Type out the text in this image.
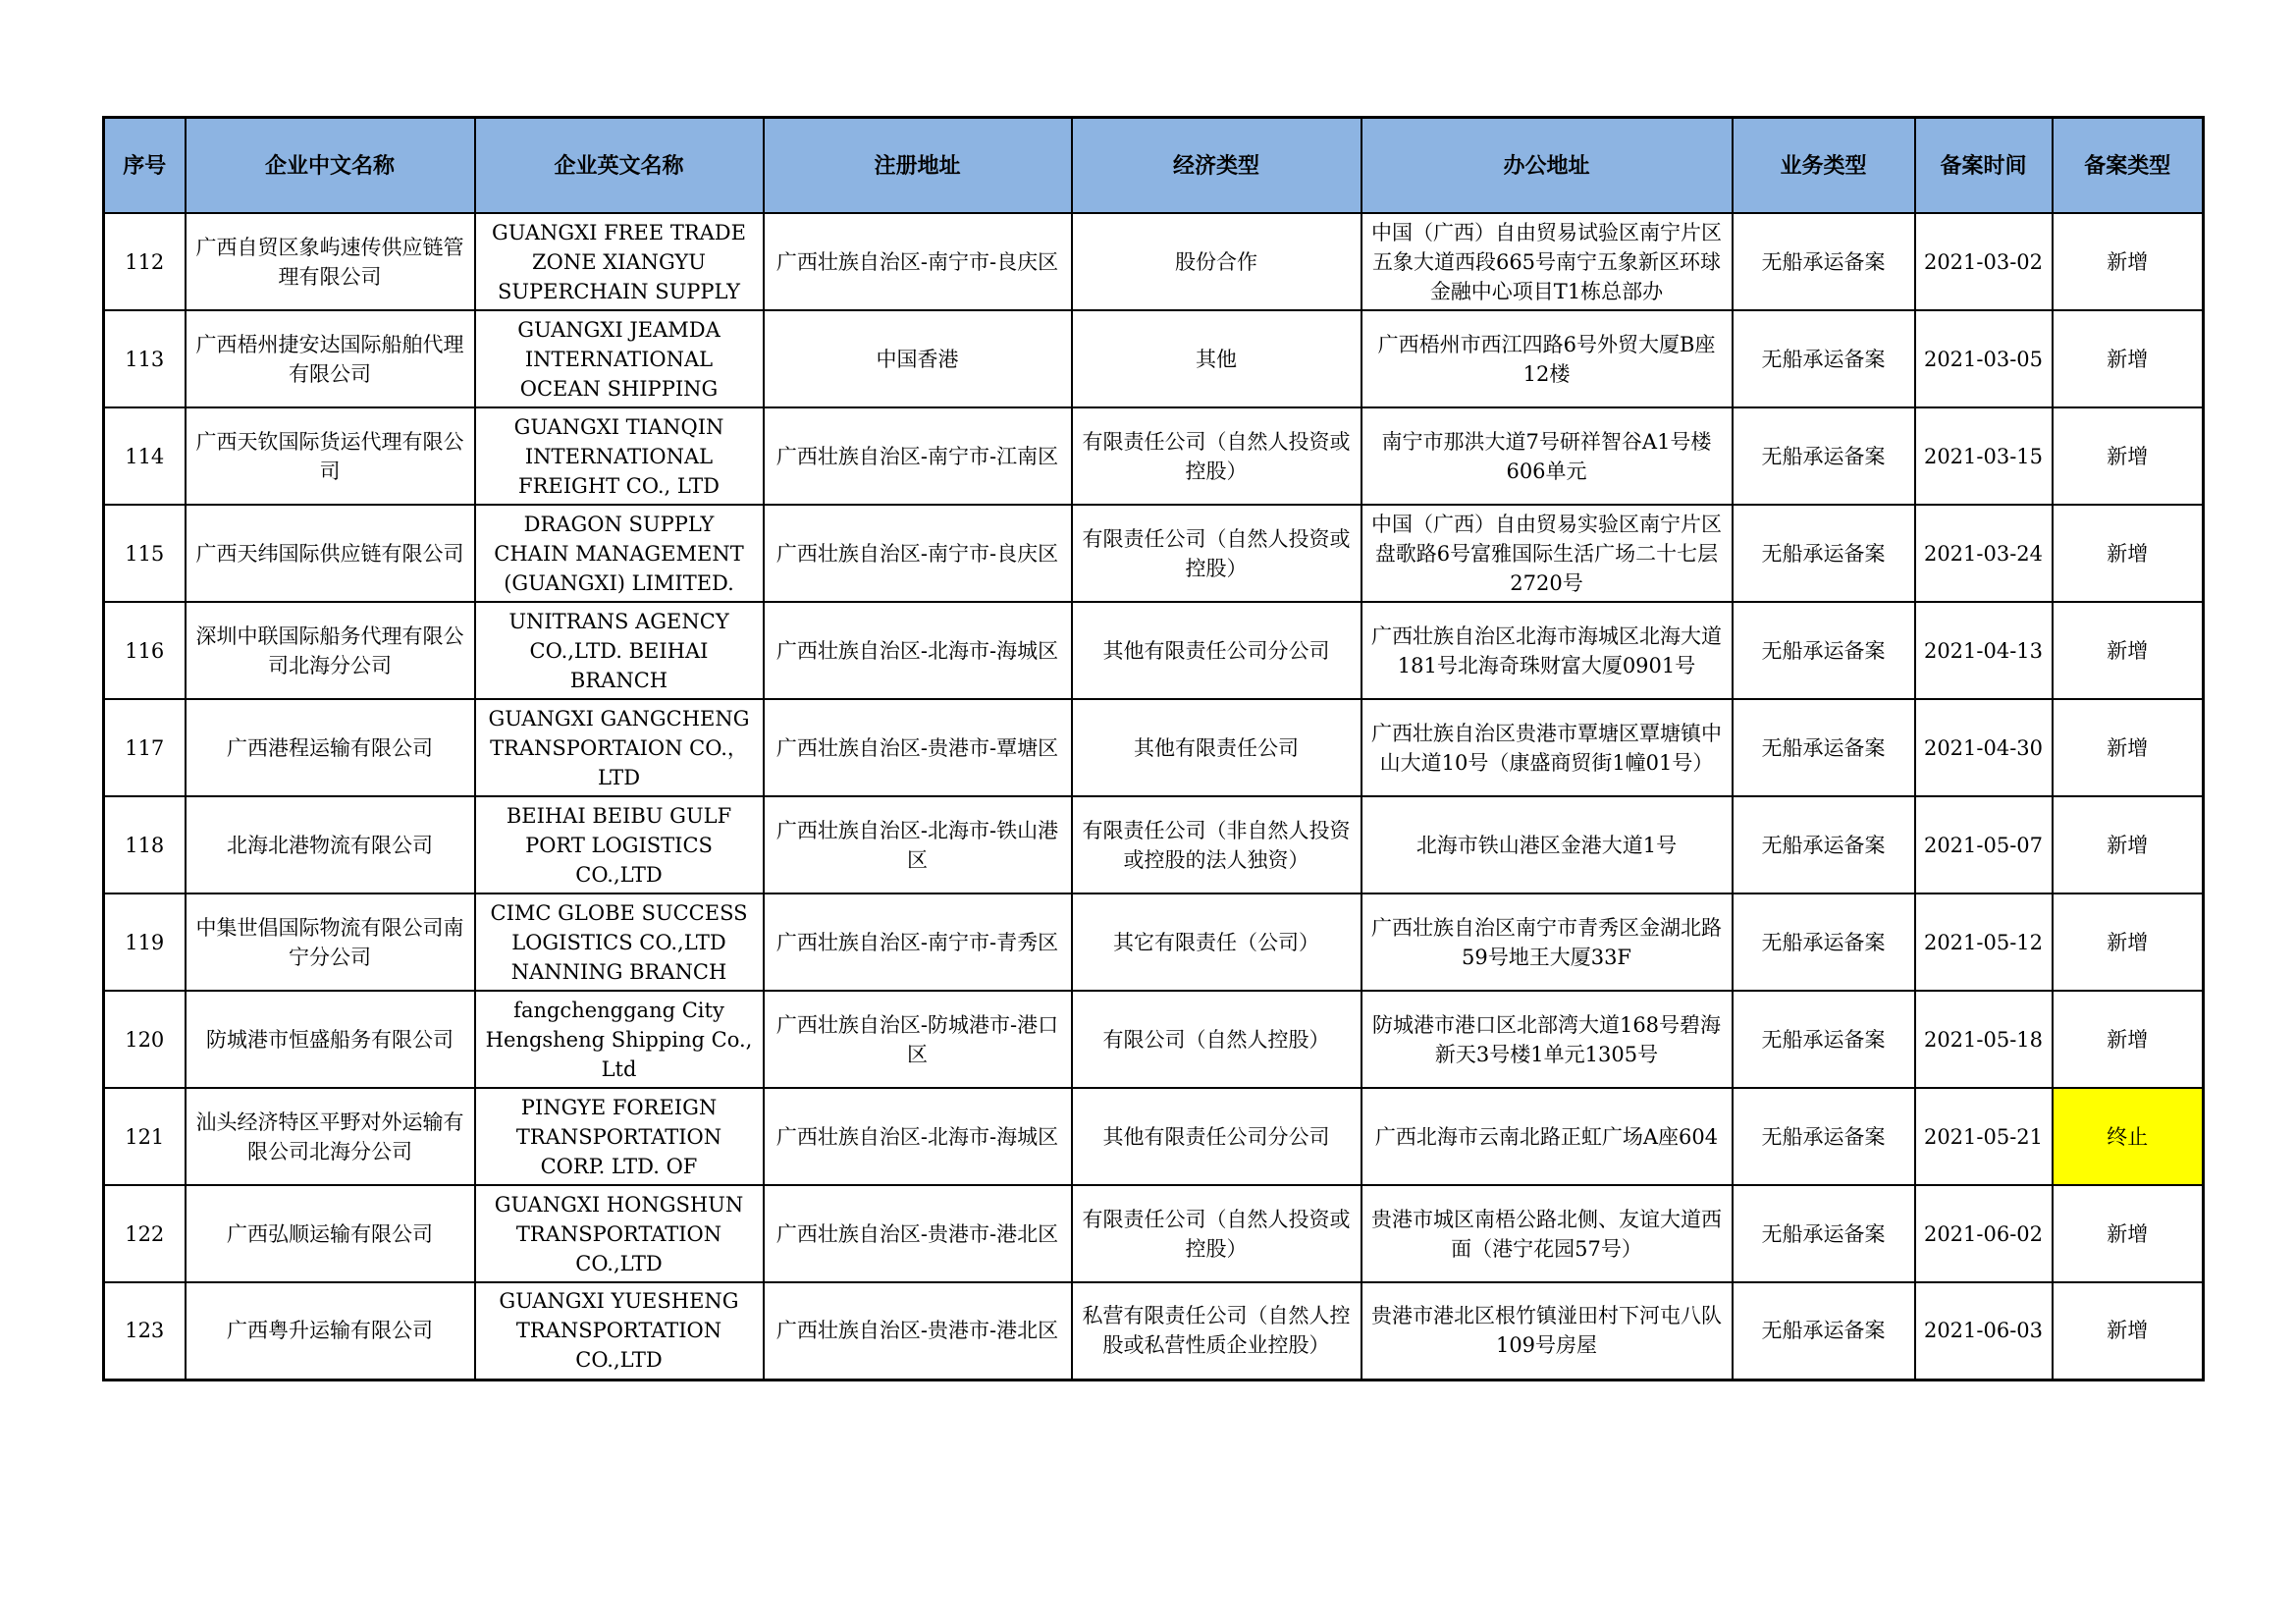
序号	企业中文名称	企业英文名称	注册地址	经济类型	办公地址	业务类型	备案时间	备案类型

112	广西自贸区象屿速传供应链管理有限公司	GUANGXI FREE TRADE ZONE XIANGYU SUPERCHAIN SUPPLY	广西壮族自治区-南宁市-良庆区	股份合作	中国（广西）自由贸易试验区南宁片区五象大道西段665号南宁五象新区环球金融中心项目T1栋总部办	无船承运备案	2021-03-02	新增

113	广西梧州捷安达国际船舶代理有限公司	GUANGXI JEAMDA INTERNATIONAL OCEAN SHIPPING	中国香港	其他	广西梧州市西江四路6号外贸大厦B座12楼	无船承运备案	2021-03-05	新增

114	广西天钦国际货运代理有限公司	GUANGXI TIANQIN INTERNATIONAL FREIGHT CO., LTD	广西壮族自治区-南宁市-江南区	有限责任公司（自然人投资或控股）	南宁市那洪大道7号研祥智谷A1号楼606单元	无船承运备案	2021-03-15	新增

115	广西天纬国际供应链有限公司	DRAGON SUPPLY CHAIN MANAGEMENT (GUANGXI) LIMITED.	广西壮族自治区-南宁市-良庆区	有限责任公司（自然人投资或控股）	中国（广西）自由贸易实验区南宁片区盘歌路6号富雅国际生活广场二十七层2720号	无船承运备案	2021-03-24	新增

116	深圳中联国际船务代理有限公司北海分公司	UNITRANS AGENCY CO.,LTD. BEIHAI BRANCH	广西壮族自治区-北海市-海城区	其他有限责任公司分公司	广西壮族自治区北海市海城区北海大道181号北海奇珠财富大厦0901号	无船承运备案	2021-04-13	新增

117	广西港程运输有限公司	GUANGXI GANGCHENG TRANSPORTAION CO.，LTD	广西壮族自治区-贵港市-覃塘区	其他有限责任公司	广西壮族自治区贵港市覃塘区覃塘镇中山大道10号（康盛商贸街1幢01号）	无船承运备案	2021-04-30	新增

118	北海北港物流有限公司	BEIHAI BEIBU GULF PORT LOGISTICS CO.,LTD	广西壮族自治区-北海市-铁山港区	有限责任公司（非自然人投资或控股的法人独资）	北海市铁山港区金港大道1号	无船承运备案	2021-05-07	新增

119	中集世倡国际物流有限公司南宁分公司	CIMC GLOBE SUCCESS LOGISTICS CO.,LTD NANNING BRANCH	广西壮族自治区-南宁市-青秀区	其它有限责任（公司）	广西壮族自治区南宁市青秀区金湖北路59号地王大厦33F	无船承运备案	2021-05-12	新增

120	防城港市恒盛船务有限公司	fangchenggang City Hengsheng Shipping Co., Ltd	广西壮族自治区-防城港市-港口区	有限公司（自然人控股）	防城港市港口区北部湾大道168号碧海新天3号楼1单元1305号	无船承运备案	2021-05-18	新增

121	汕头经济特区平野对外运输有限公司北海分公司	PINGYE FOREIGN TRANSPORTATION CORP. LTD. OF	广西壮族自治区-北海市-海城区	其他有限责任公司分公司	广西北海市云南北路正虹广场A座604	无船承运备案	2021-05-21	终止

122	广西弘顺运输有限公司	GUANGXI HONGSHUN TRANSPORTATION CO.,LTD	广西壮族自治区-贵港市-港北区	有限责任公司（自然人投资或控股）	贵港市城区南梧公路北侧、友谊大道西面（港宁花园57号）	无船承运备案	2021-06-02	新增

123	广西粤升运输有限公司	GUANGXI YUESHENG TRANSPORTATION CO.,LTD	广西壮族自治区-贵港市-港北区	私营有限责任公司（自然人控股或私营性质企业控股）	贵港市港北区根竹镇湴田村下河屯八队109号房屋	无船承运备案	2021-06-03	新增
